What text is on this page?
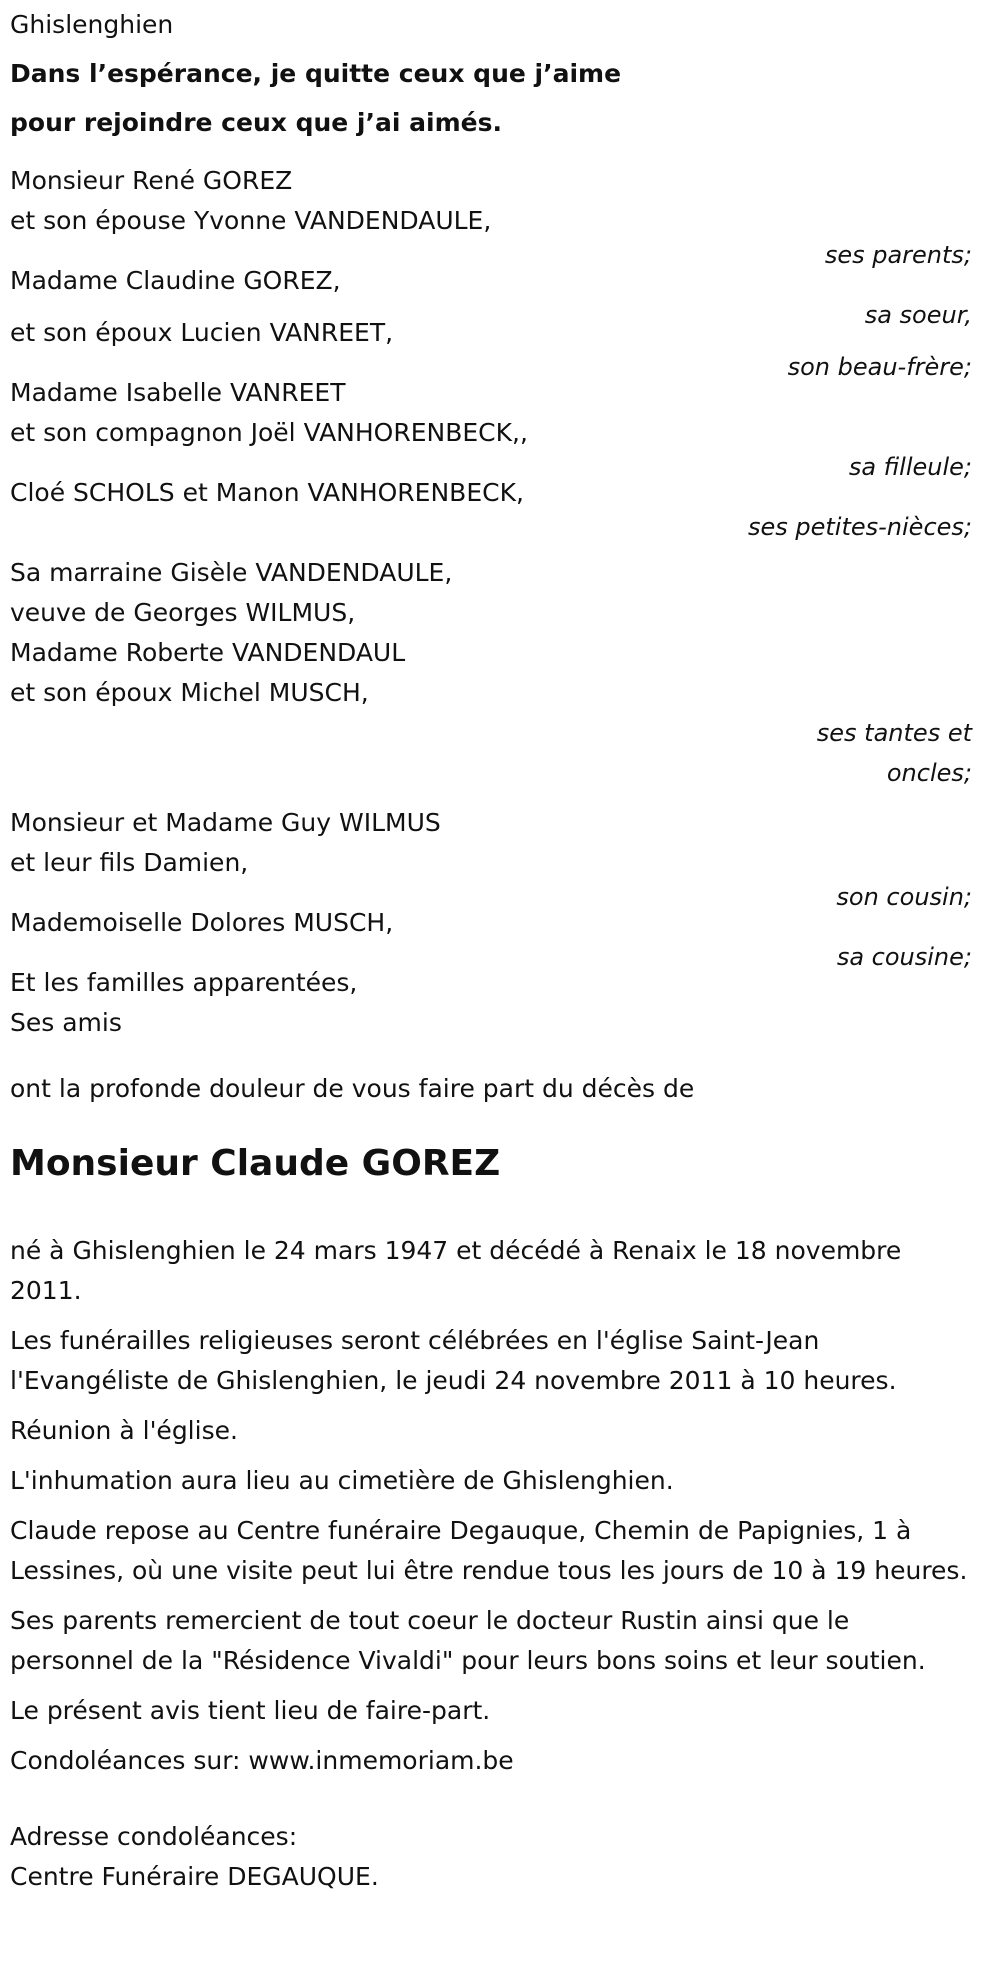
Ghislenghien
Dans l’espérance, je quitte ceux que j’aime
pour rejoindre ceux que j’ai aimés.
Monsieur René GOREZ
et son épouse Yvonne VANDENDAULE,
ses parents;
Madame Claudine GOREZ,
sa soeur,
et son époux Lucien VANREET,
son beau-frère;
Madame Isabelle VANREET
et son compagnon Joël VANHORENBECK,,
sa filleule;
Cloé SCHOLS et Manon VANHORENBECK,
ses petites-nièces;
Sa marraine Gisèle VANDENDAULE,
veuve de Georges WILMUS,
Madame Roberte VANDENDAUL
et son époux Michel MUSCH,
ses tantes et
oncles;
Monsieur et Madame Guy WILMUS
et leur fils Damien,
son cousin;
Mademoiselle Dolores MUSCH,
sa cousine;
Et les familles apparentées,
Ses amis
ont la profonde douleur de vous faire part du décès de
Monsieur Claude GOREZ
né à Ghislenghien le 24 mars 1947 et décédé à Renaix le 18 novembre 2011.
Les funérailles religieuses seront célébrées en l'église Saint-Jean l'Evangéliste de Ghislenghien, le jeudi 24 novembre 2011 à 10 heures.
Réunion à l'église.
L'inhumation aura lieu au cimetière de Ghislenghien.
Claude repose au Centre funéraire Degauque, Chemin de Papignies, 1 à Lessines, où une visite peut lui être rendue tous les jours de 10 à 19 heures.
Ses parents remercient de tout coeur le docteur Rustin ainsi que le personnel de la "Résidence Vivaldi" pour leurs bons soins et leur soutien.
Le présent avis tient lieu de faire-part.
Condoléances sur: www.inmemoriam.be
Adresse condoléances:
Centre Funéraire DEGAUQUE.
